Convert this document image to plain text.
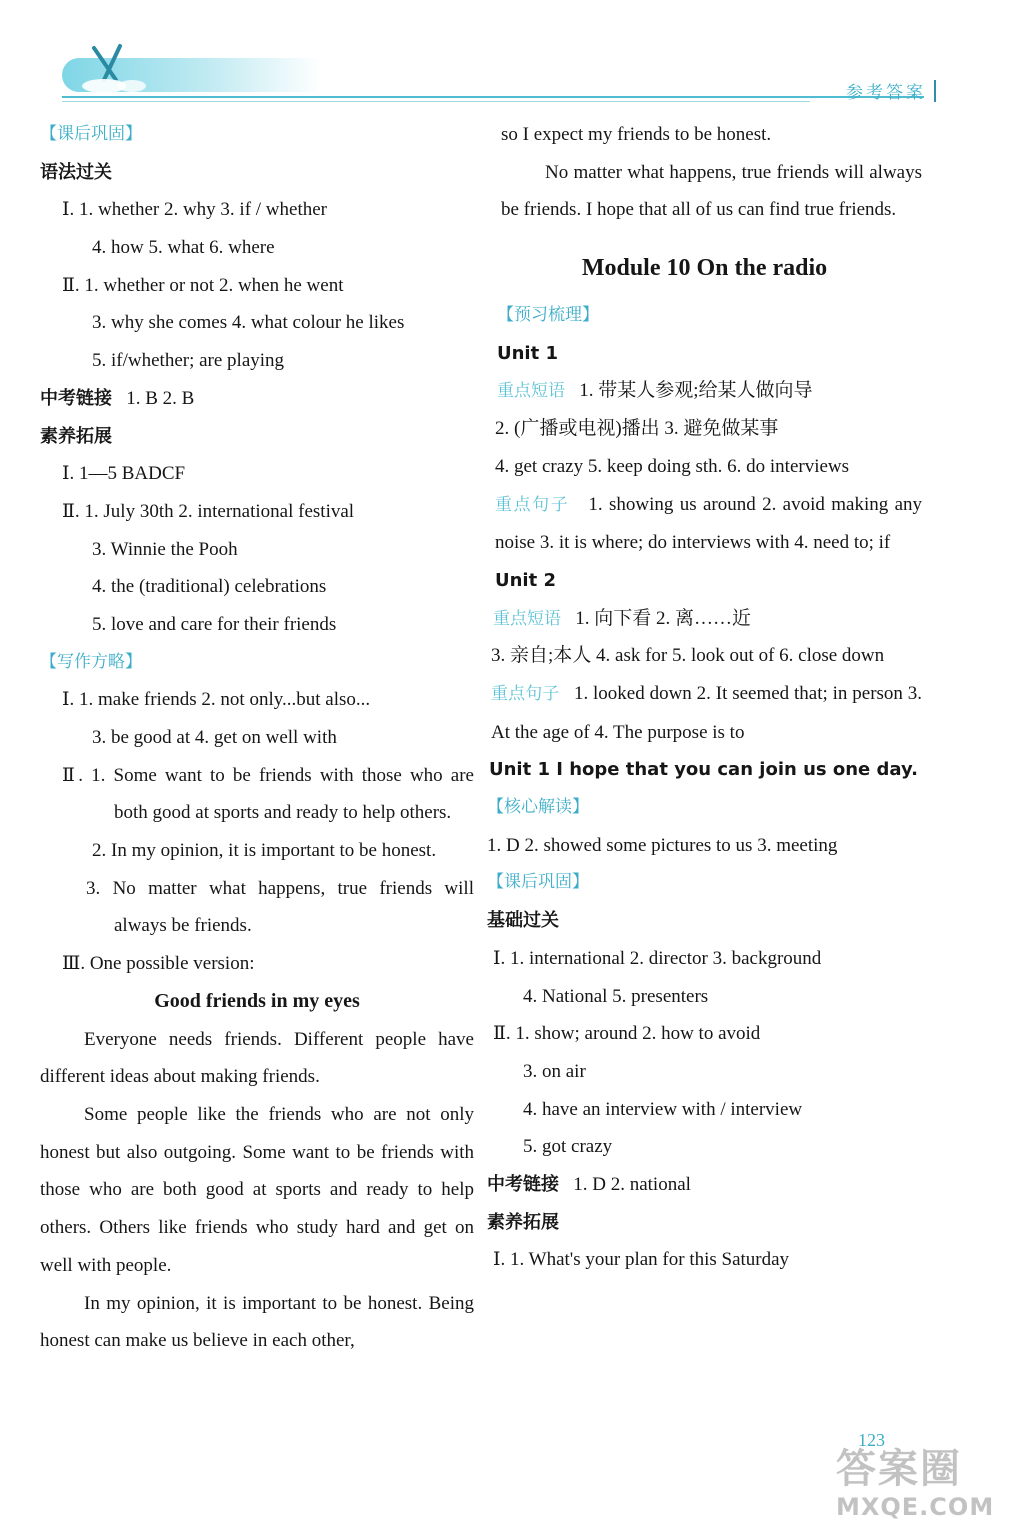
参考答案
【课后巩固】
语法过关
Ⅰ. 1. whether 2. why 3. if / whether
4. how 5. what 6. where
Ⅱ. 1. whether or not 2. when he went
3. why she comes 4. what colour he likes
5. if/whether; are playing
中考链接 1. B 2. B
素养拓展
Ⅰ. 1—5 BADCF
Ⅱ. 1. July 30th 2. international festival
3. Winnie the Pooh
4. the (traditional) celebrations
5. love and care for their friends
【写作方略】
Ⅰ. 1. make friends 2. not only...but also...
3. be good at 4. get on well with
Ⅱ. 1. Some want to be friends with those who are both good at sports and ready to help others.
2. In my opinion, it is important to be honest.
3. No matter what happens, true friends will always be friends.
Ⅲ. One possible version:
Good friends in my eyes
Everyone needs friends. Different people have different ideas about making friends.
Some people like the friends who are not only honest but also outgoing. Some want to be friends with those who are both good at sports and ready to help others. Others like friends who study hard and get on well with people.
In my opinion, it is important to be honest. Being honest can make us believe in each other,
so I expect my friends to be honest.
No matter what happens, true friends will always be friends. I hope that all of us can find true friends.
Module 10 On the radio
【预习梳理】
Unit 1
重点短语 1. 带某人参观;给某人做向导
2. (广播或电视)播出 3. 避免做某事
4. get crazy 5. keep doing sth. 6. do interviews
重点句子 1. showing us around 2. avoid making any noise 3. it is where; do interviews with 4. need to; if
Unit 2
重点短语 1. 向下看 2. 离……近
3. 亲自;本人 4. ask for 5. look out of 6. close down
重点句子 1. looked down 2. It seemed that; in person 3. At the age of 4. The purpose is to
Unit 1 I hope that you can join us one day.
【核心解读】
1. D 2. showed some pictures to us 3. meeting
【课后巩固】
基础过关
Ⅰ. 1. international 2. director 3. background
4. National 5. presenters
Ⅱ. 1. show; around 2. how to avoid
3. on air
4. have an interview with / interview
5. got crazy
中考链接 1. D 2. national
素养拓展
Ⅰ. 1. What's your plan for this Saturday
123
答案圈
MXQE.COM
